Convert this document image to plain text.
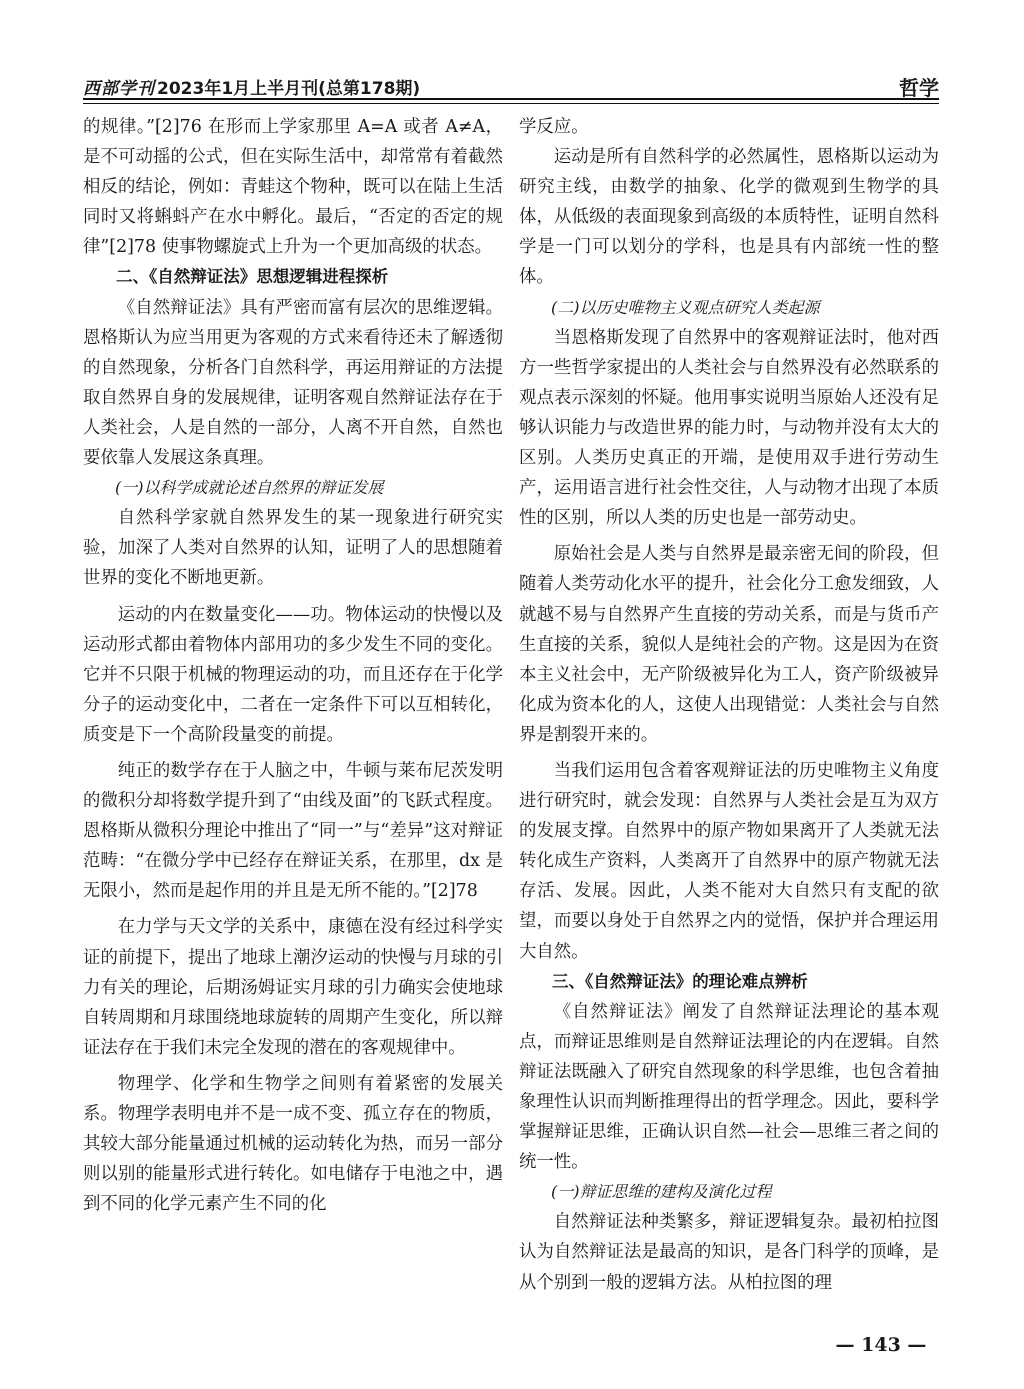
西部学刊 2023年1月上半月刊(总第178期)	哲学

的规律。”[2]76 在形而上学家那里 A=A 或者 A≠A，是不可动摇的公式，但在实际生活中，却常常有着截然相反的结论，例如：青蛙这个物种，既可以在陆上生活同时又将蝌蚪产在水中孵化。最后，“否定的否定的规律”[2]78 使事物螺旋式上升为一个更加高级的状态。

二、《自然辩证法》思想逻辑进程探析

《自然辩证法》具有严密而富有层次的思维逻辑。恩格斯认为应当用更为客观的方式来看待还未了解透彻的自然现象，分析各门自然科学，再运用辩证的方法提取自然界自身的发展规律，证明客观自然辩证法存在于人类社会，人是自然的一部分，人离不开自然，自然也要依靠人发展这条真理。

(一)以科学成就论述自然界的辩证发展

自然科学家就自然界发生的某一现象进行研究实验，加深了人类对自然界的认知，证明了人的思想随着世界的变化不断地更新。

运动的内在数量变化——功。物体运动的快慢以及运动形式都由着物体内部用功的多少发生不同的变化。它并不只限于机械的物理运动的功，而且还存在于化学分子的运动变化中，二者在一定条件下可以互相转化，质变是下一个高阶段量变的前提。

纯正的数学存在于人脑之中，牛顿与莱布尼茨发明的微积分却将数学提升到了“由线及面”的飞跃式程度。恩格斯从微积分理论中推出了“同一”与“差异”这对辩证范畴：“在微分学中已经存在辩证关系，在那里，dx 是无限小，然而是起作用的并且是无所不能的。”[2]78

在力学与天文学的关系中，康德在没有经过科学实证的前提下，提出了地球上潮汐运动的快慢与月球的引力有关的理论，后期汤姆证实月球的引力确实会使地球自转周期和月球围绕地球旋转的周期产生变化，所以辩证法存在于我们未完全发现的潜在的客观规律中。

物理学、化学和生物学之间则有着紧密的发展关系。物理学表明电并不是一成不变、孤立存在的物质，其较大部分能量通过机械的运动转化为热，而另一部分则以别的能量形式进行转化。如电储存于电池之中，遇到不同的化学元素产生不同的化

学反应。

运动是所有自然科学的必然属性，恩格斯以运动为研究主线，由数学的抽象、化学的微观到生物学的具体，从低级的表面现象到高级的本质特性，证明自然科学是一门可以划分的学科，也是具有内部统一性的整体。

(二)以历史唯物主义观点研究人类起源

当恩格斯发现了自然界中的客观辩证法时，他对西方一些哲学家提出的人类社会与自然界没有必然联系的观点表示深刻的怀疑。他用事实说明当原始人还没有足够认识能力与改造世界的能力时，与动物并没有太大的区别。人类历史真正的开端，是使用双手进行劳动生产，运用语言进行社会性交往，人与动物才出现了本质性的区别，所以人类的历史也是一部劳动史。

原始社会是人类与自然界是最亲密无间的阶段，但随着人类劳动化水平的提升，社会化分工愈发细致，人就越不易与自然界产生直接的劳动关系，而是与货币产生直接的关系，貌似人是纯社会的产物。这是因为在资本主义社会中，无产阶级被异化为工人，资产阶级被异化成为资本化的人，这使人出现错觉：人类社会与自然界是割裂开来的。

当我们运用包含着客观辩证法的历史唯物主义角度进行研究时，就会发现：自然界与人类社会是互为双方的发展支撑。自然界中的原产物如果离开了人类就无法转化成生产资料，人类离开了自然界中的原产物就无法存活、发展。因此，人类不能对大自然只有支配的欲望，而要以身处于自然界之内的觉悟，保护并合理运用大自然。

三、《自然辩证法》的理论难点辨析

《自然辩证法》阐发了自然辩证法理论的基本观点，而辩证思维则是自然辩证法理论的内在逻辑。自然辩证法既融入了研究自然现象的科学思维，也包含着抽象理性认识而判断推理得出的哲学理念。因此，要科学掌握辩证思维，正确认识自然—社会—思维三者之间的统一性。

(一)辩证思维的建构及演化过程

自然辩证法种类繁多，辩证逻辑复杂。最初柏拉图认为自然辩证法是最高的知识，是各门科学的顶峰，是从个别到一般的逻辑方法。从柏拉图的理

— 143 —
